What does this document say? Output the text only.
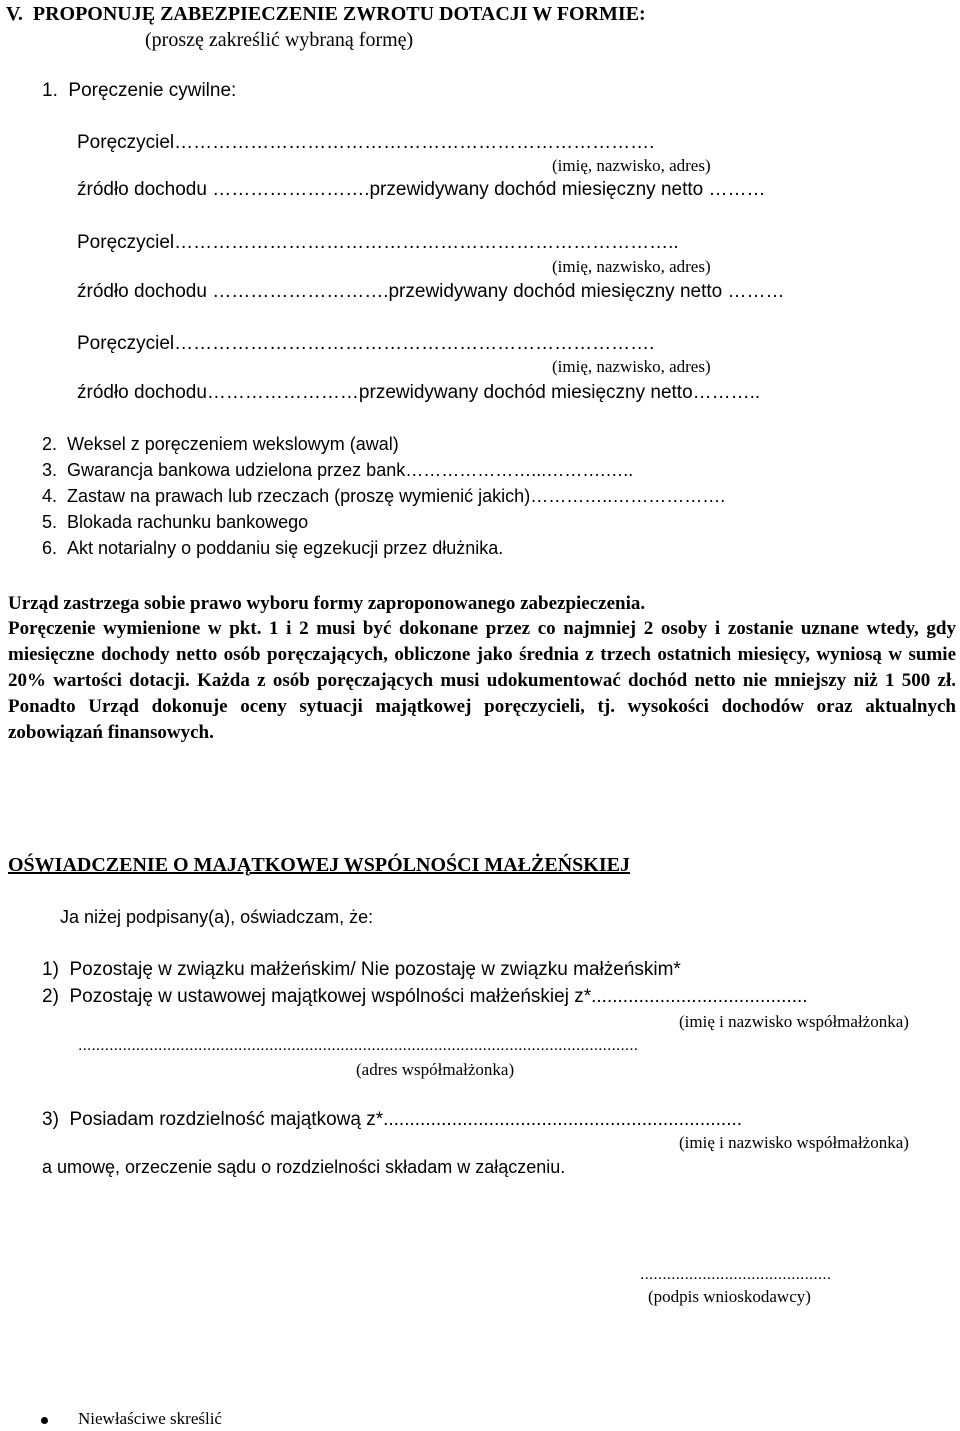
V.  PROPONUJĘ ZABEZPIECZENIE ZWROTU DOTACJI W FORMIE:
(proszę zakreślić wybraną formę)
1.  Poręczenie cywilne:
Poręczyciel………………………………………………………………….
(imię, nazwisko, adres)
źródło dochodu …………………….przewidywany dochód miesięczny netto ………
Poręczyciel……………………………………………………………………..
(imię, nazwisko, adres)
źródło dochodu ……………………….przewidywany dochód miesięczny netto ………
Poręczyciel………………………………………………………………….
(imię, nazwisko, adres)
źródło dochodu……………………przewidywany dochód miesięczny netto………..
2.  Weksel z poręczeniem wekslowym (awal)
3.  Gwarancja bankowa udzielona przez bank…………………...……….…..
4.  Zastaw na prawach lub rzeczach (proszę wymienić jakich)…………..……………….
5.  Blokada rachunku bankowego
6.  Akt notarialny o poddaniu się egzekucji przez dłużnika.
Urząd zastrzega sobie prawo wyboru formy zaproponowanego zabezpieczenia.
Poręczenie wymienione w pkt. 1 i 2 musi być dokonane przez co najmniej 2 osoby i zostanie uznane wtedy, gdy miesięczne dochody netto osób poręczających, obliczone jako średnia z trzech ostatnich miesięcy, wyniosą w sumie 20% wartości dotacji. Każda z osób poręczających musi udokumentować dochód netto nie mniejszy niż 1 500 zł. Ponadto Urząd dokonuje oceny sytuacji majątkowej poręczycieli, tj. wysokości dochodów oraz aktualnych zobowiązań finansowych.
OŚWIADCZENIE O MAJĄTKOWEJ WSPÓLNOŚCI MAŁŻEŃSKIEJ
Ja niżej podpisany(a), oświadczam, że:
1)  Pozostaję w związku małżeńskim/ Nie pozostaję w związku małżeńskim*
2)  Pozostaję w ustawowej majątkowej wspólności małżeńskiej z*.........................................
(imię i nazwisko współmałżonka)
..............................................................................................................................
(adres współmałżonka)
3)  Posiadam rozdzielność majątkową z*....................................................................
(imię i nazwisko współmałżonka)
a umowę, orzeczenie sądu o rozdzielności składam w załączeniu.
...........................................
(podpis wnioskodawcy)
Niewłaściwe skreślić
